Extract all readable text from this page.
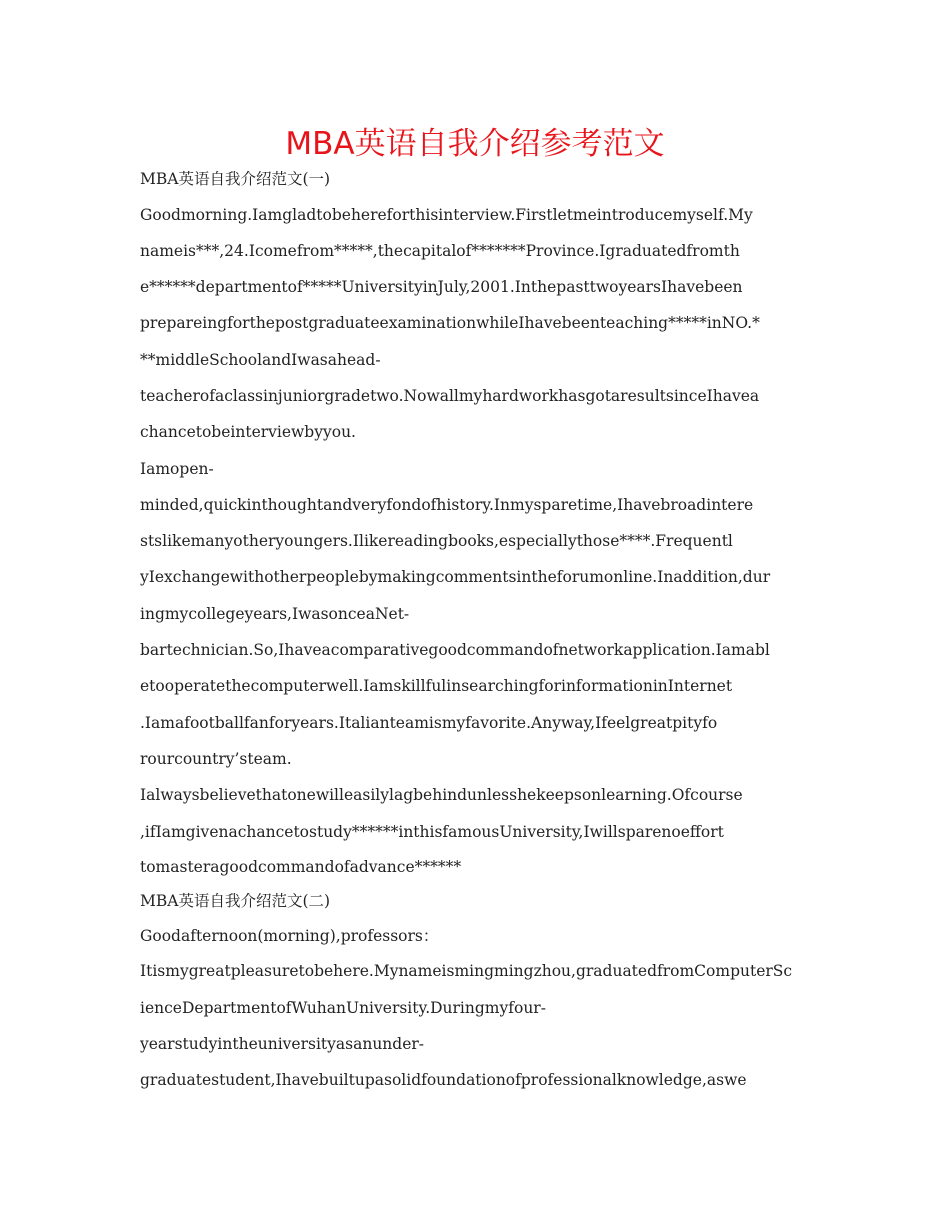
MBA英语自我介绍参考范文

MBA英语自我介绍范文(一)

Goodmorning.Iamgladtobehereforthisinterview.Firstletmeintroducemyself.My

nameis***,24.Icomefrom*****,thecapitalof*******Province.Igraduatedfromth

e******departmentof*****UniversityinJuly,2001.InthepasttwoyearsIhavebeen

prepareingforthepostgraduateexaminationwhileIhavebeenteaching*****inNO.*

**middleSchoolandIwasahead-

teacherofaclassinjuniorgradetwo.NowallmyhardworkhasgotaresultsinceIhavea

chancetobeinterviewbyyou.

Iamopen-

minded,quickinthoughtandveryfondofhistory.Inmysparetime,Ihavebroadintere

stslikemanyotheryoungers.Ilikereadingbooks,especiallythose****.Frequentl

yIexchangewithotherpeoplebymakingcommentsintheforumonline.Inaddition,dur

ingmycollegeyears,IwasonceaNet-

bartechnician.So,Ihaveacomparativegoodcommandofnetworkapplication.Iamabl

etooperatethecomputerwell.IamskillfulinsearchingforinformationinInternet

.Iamafootballfanforyears.Italianteamismyfavorite.Anyway,Ifeelgreatpityfo

rourcountry’steam.

Ialwaysbelievethatonewilleasilylagbehindunlesshekeepsonlearning.Ofcourse

,ifIamgivenachancetostudy******inthisfamousUniversity,Iwillsparenoeffort

tomasteragoodcommandofadvance******

MBA英语自我介绍范文(二)

Goodafternoon(morning),professors：

Itismygreatpleasuretobehere.Mynameismingmingzhou,graduatedfromComputerSc

ienceDepartmentofWuhanUniversity.Duringmyfour-

yearstudyintheuniversityasanunder-

graduatestudent,Ihavebuiltupasolidfoundationofprofessionalknowledge,aswe
